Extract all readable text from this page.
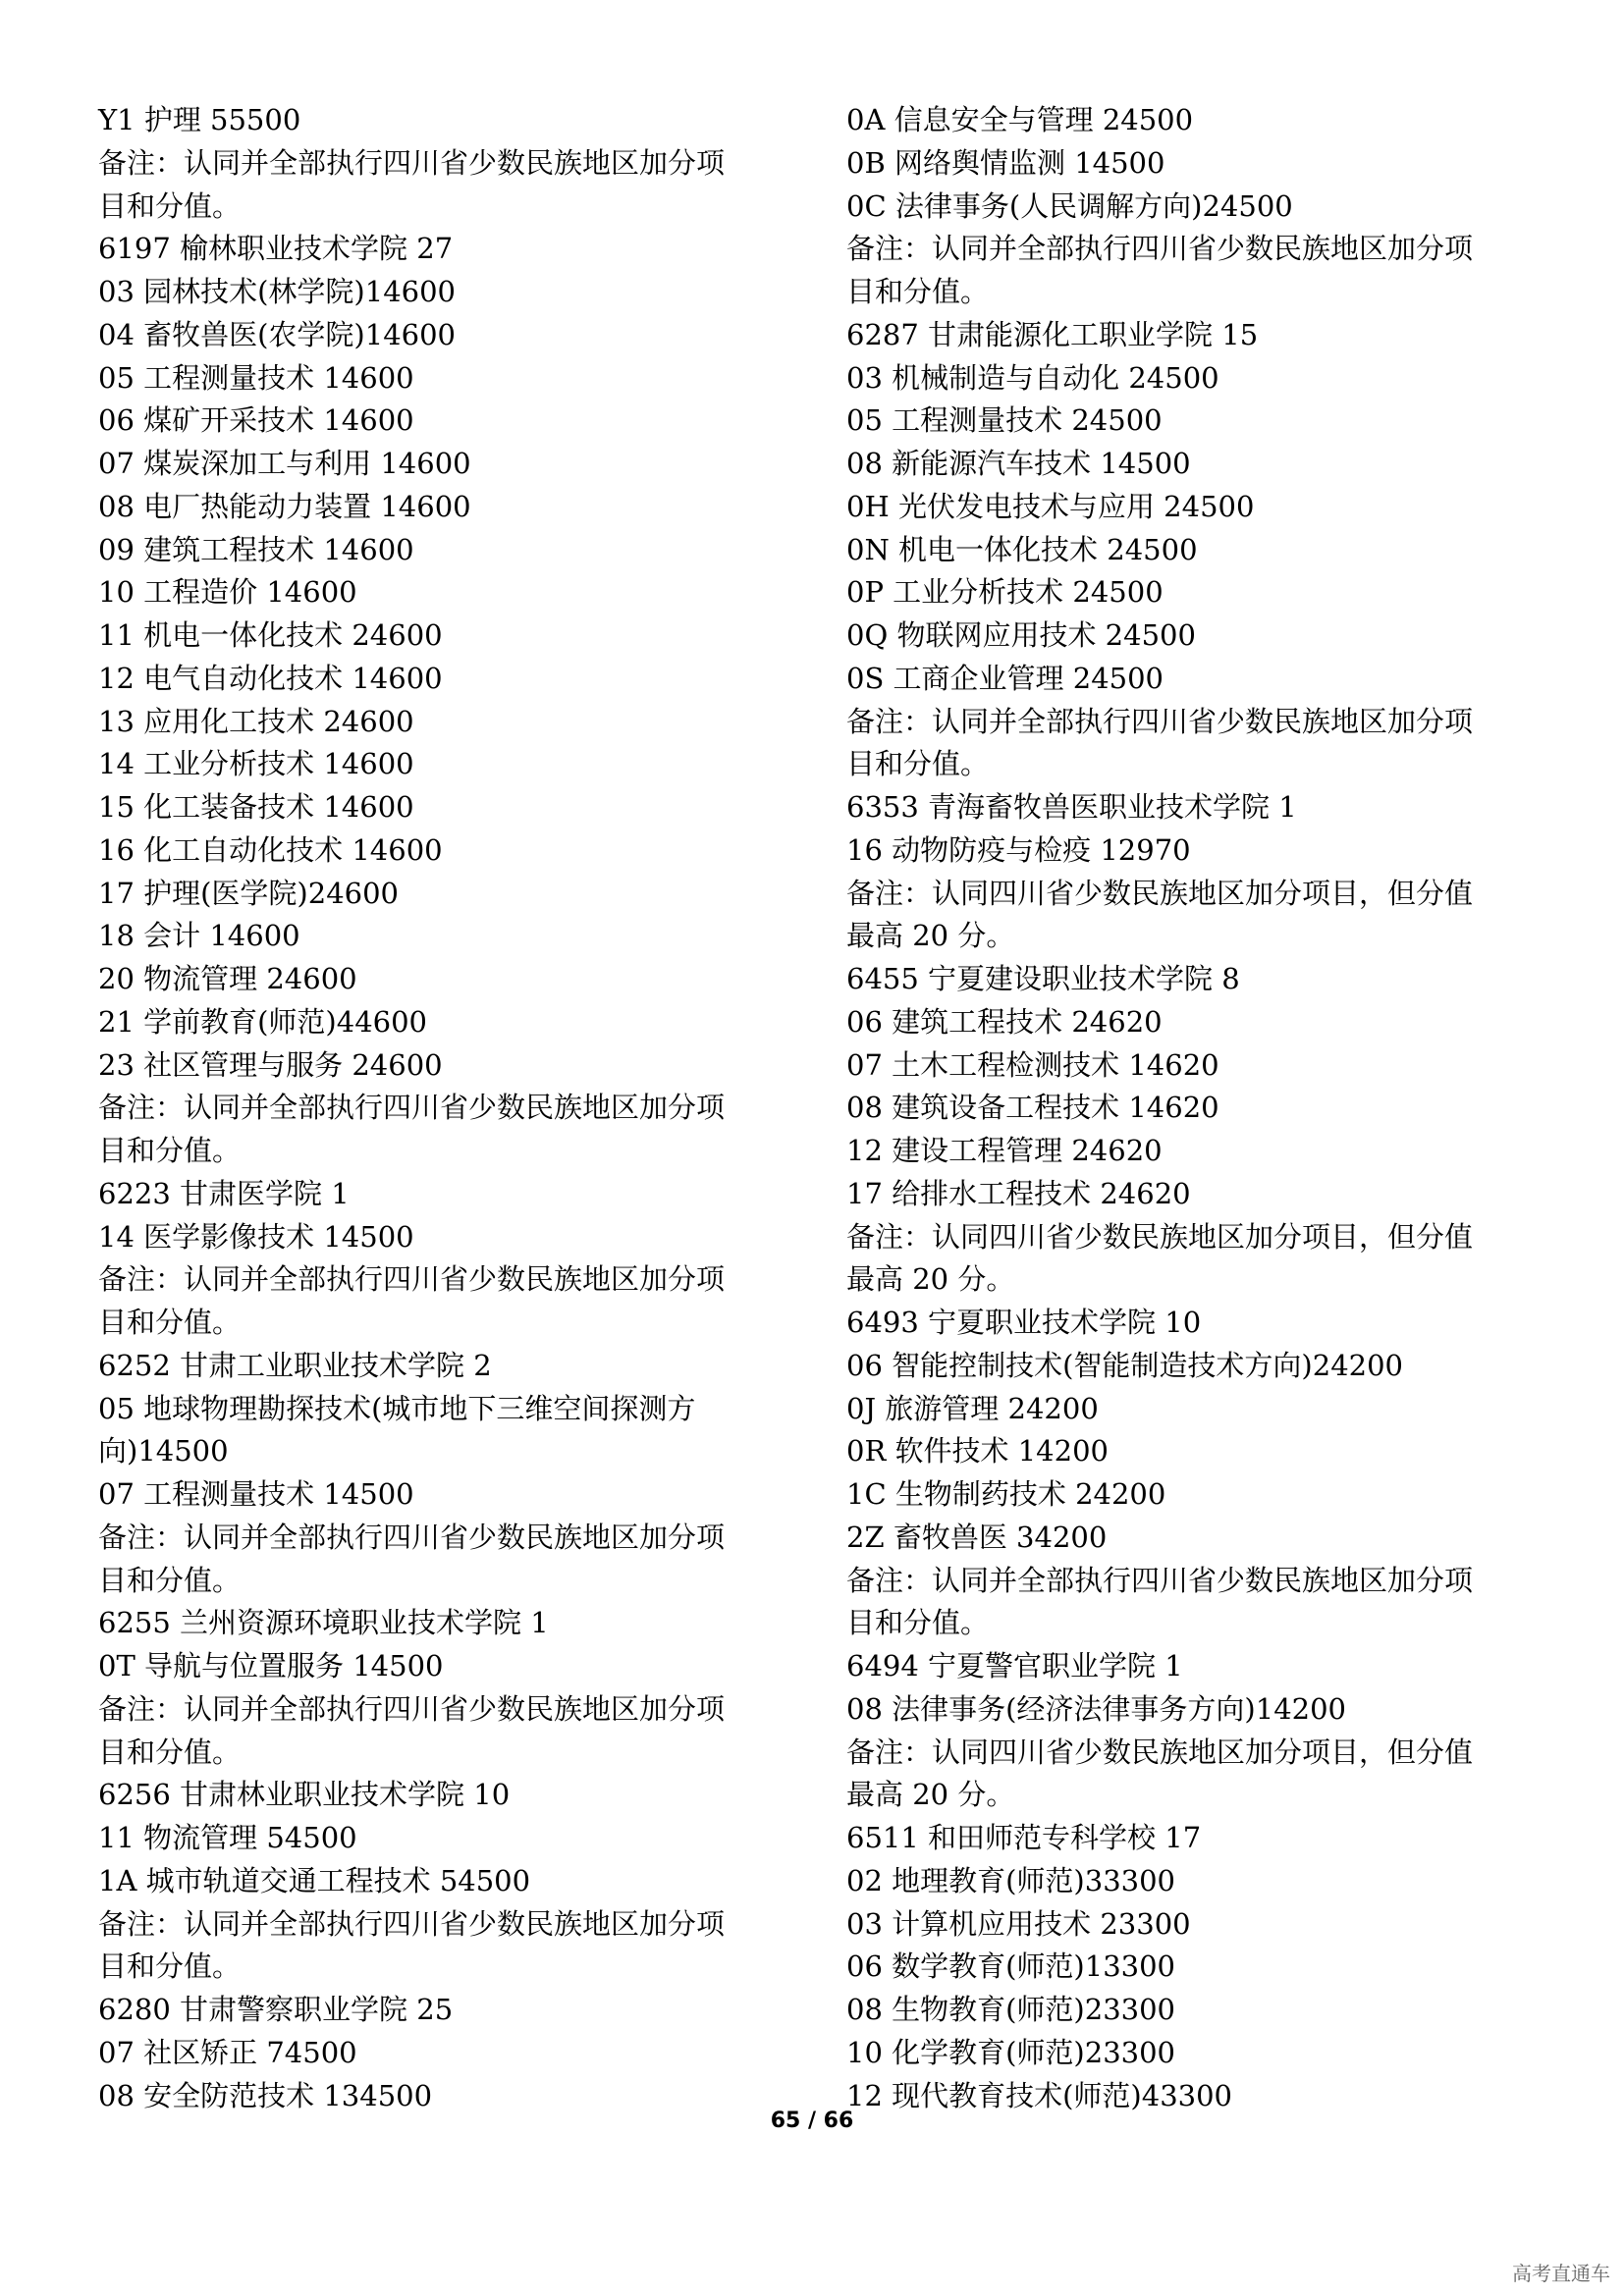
Y1 护理 55500
备注：认同并全部执行四川省少数民族地区加分项
目和分值。
6197 榆林职业技术学院 27
03 园林技术(林学院)14600
04 畜牧兽医(农学院)14600
05 工程测量技术 14600
06 煤矿开采技术 14600
07 煤炭深加工与利用 14600
08 电厂热能动力装置 14600
09 建筑工程技术 14600
10 工程造价 14600
11 机电一体化技术 24600
12 电气自动化技术 14600
13 应用化工技术 24600
14 工业分析技术 14600
15 化工装备技术 14600
16 化工自动化技术 14600
17 护理(医学院)24600
18 会计 14600
20 物流管理 24600
21 学前教育(师范)44600
23 社区管理与服务 24600
备注：认同并全部执行四川省少数民族地区加分项
目和分值。
6223 甘肃医学院 1
14 医学影像技术 14500
备注：认同并全部执行四川省少数民族地区加分项
目和分值。
6252 甘肃工业职业技术学院 2
05 地球物理勘探技术(城市地下三维空间探测方
向)14500
07 工程测量技术 14500
备注：认同并全部执行四川省少数民族地区加分项
目和分值。
6255 兰州资源环境职业技术学院 1
0T 导航与位置服务 14500
备注：认同并全部执行四川省少数民族地区加分项
目和分值。
6256 甘肃林业职业技术学院 10
11 物流管理 54500
1A 城市轨道交通工程技术 54500
备注：认同并全部执行四川省少数民族地区加分项
目和分值。
6280 甘肃警察职业学院 25
07 社区矫正 74500
08 安全防范技术 134500
0A 信息安全与管理 24500
0B 网络舆情监测 14500
0C 法律事务(人民调解方向)24500
备注：认同并全部执行四川省少数民族地区加分项
目和分值。
6287 甘肃能源化工职业学院 15
03 机械制造与自动化 24500
05 工程测量技术 24500
08 新能源汽车技术 14500
0H 光伏发电技术与应用 24500
0N 机电一体化技术 24500
0P 工业分析技术 24500
0Q 物联网应用技术 24500
0S 工商企业管理 24500
备注：认同并全部执行四川省少数民族地区加分项
目和分值。
6353 青海畜牧兽医职业技术学院 1
16 动物防疫与检疫 12970
备注：认同四川省少数民族地区加分项目，但分值
最高 20 分。
6455 宁夏建设职业技术学院 8
06 建筑工程技术 24620
07 土木工程检测技术 14620
08 建筑设备工程技术 14620
12 建设工程管理 24620
17 给排水工程技术 24620
备注：认同四川省少数民族地区加分项目，但分值
最高 20 分。
6493 宁夏职业技术学院 10
06 智能控制技术(智能制造技术方向)24200
0J 旅游管理 24200
0R 软件技术 14200
1C 生物制药技术 24200
2Z 畜牧兽医 34200
备注：认同并全部执行四川省少数民族地区加分项
目和分值。
6494 宁夏警官职业学院 1
08 法律事务(经济法律事务方向)14200
备注：认同四川省少数民族地区加分项目，但分值
最高 20 分。
6511 和田师范专科学校 17
02 地理教育(师范)33300
03 计算机应用技术 23300
06 数学教育(师范)13300
08 生物教育(师范)23300
10 化学教育(师范)23300
12 现代教育技术(师范)43300
65 / 66
高考直通车
